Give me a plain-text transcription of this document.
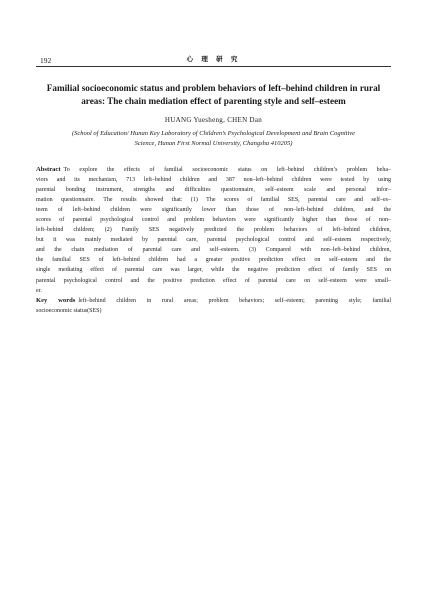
192	心 理 研 究
Familial socioeconomic status and problem behaviors of left–behind children in rural
areas: The chain mediation effect of parenting style and self–esteem
HUANG Yuesheng, CHEN Dan
(School of Education/ Hunan Key Laboratory of Children’s Psychological Development and Brain Cognitive
Science, Hunan First Normal University, Changsha 410205)
Abstract To explore the effects of familial socioeconomic status on left–behind children’s problem beha–
viors and its mechanism, 713 left–behind children and 387 non–left–behind children were tested by using
parental bonding instrument, strengths and difficulties questionnaire, self–esteem scale and personal infor–
mation questionnaire. The results showed that: (1) The scores of familial SES, parental care and self–es–
teem of left–behind children were significantly lower than those of non–left–behind children, and the
scores of parental psychological control and problem behaviors were significantly higher than those of non–
left–behind children; (2) Family SES negatively predicted the problem behaviors of left–behind children,
but it was mainly mediated by parental care, parental psychological control and self–esteem respectively,
and the chain mediation of parental care and self–esteem. (3) Compared with non–left–behind children,
the familial SES of left–behind children had a greater positive prediction effect on self–esteem and the
single mediating effect of parental care was larger, while the negative prediction effect of family SES on
parental psychological control and the positive prediction effect of parental care on self–esteem were small–
er.
Key words left–behind children in rural areas; problem behaviors; self–esteem; parenting style; familial
socioeconomic status(SES)
